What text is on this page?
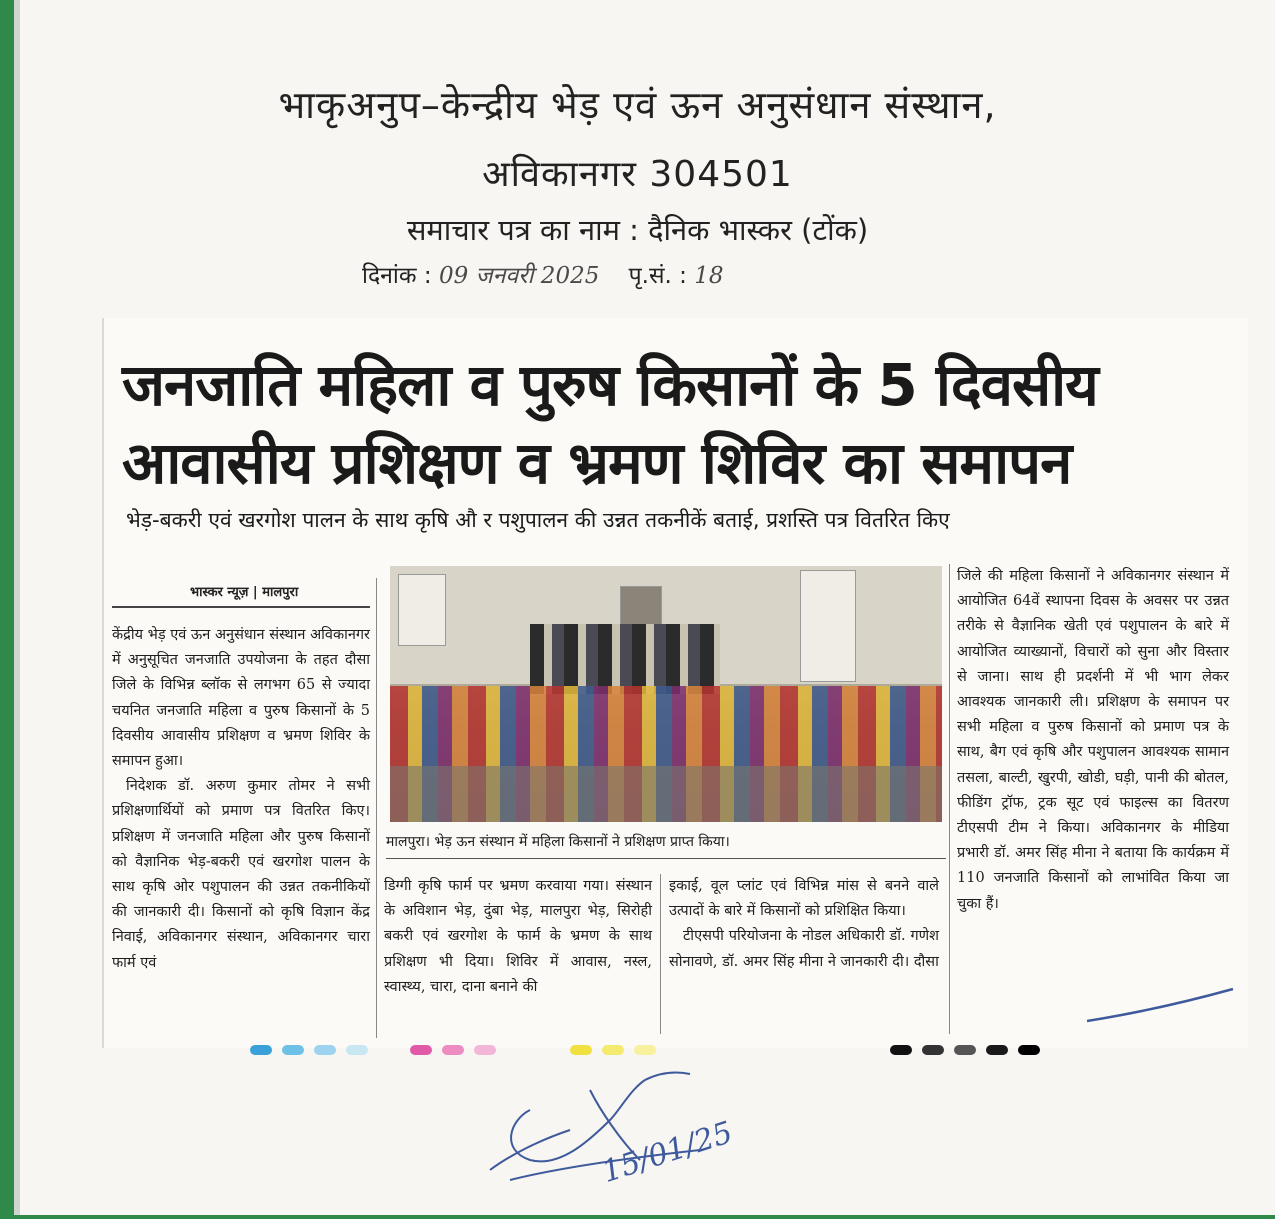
भाकृअनुप–केन्द्रीय भेड़ एवं ऊन अनुसंधान संस्थान,
अविकानगर 304501
समाचार पत्र का नाम : दैनिक भास्कर (टोंक)
दिनांक : 09 जनवरी 2025 पृ.सं. : 18
जनजाति महिला व पुरुष किसानों के 5 दिवसीय
आवासीय प्रशिक्षण व भ्रमण शिविर का समापन
भेड़-बकरी एवं खरगोश पालन के साथ कृषि औ र पशुपालन की उन्नत तकनीकें बताई, प्रशस्ति पत्र वितरित किए
भास्कर न्यूज़ | मालपुरा

केंद्रीय भेड़ एवं ऊन अनुसंधान संस्थान अविकानगर में अनुसूचित जनजाति उपयोजना के तहत दौसा जिले के विभिन्न ब्लॉक से लगभग 65 से ज्यादा चयनित जनजाति महिला व पुरुष किसानों के 5 दिवसीय आवासीय प्रशिक्षण व भ्रमण शिविर के समापन हुआ।

निदेशक डॉ. अरुण कुमार तोमर ने सभी प्रशिक्षणार्थियों को प्रमाण पत्र वितरित किए। प्रशिक्षण में जनजाति महिला और पुरुष किसानों को वैज्ञानिक भेड़-बकरी एवं खरगोश पालन के साथ कृषि ओर पशुपालन की उन्नत तकनीकियों की जानकारी दी। किसानों को कृषि विज्ञान केंद्र निवाई, अविकानगर संस्थान, अविकानगर चारा फार्म एवं

मालपुरा। भेड़ ऊन संस्थान में महिला किसानों ने प्रशिक्षण प्राप्त किया।

डिग्गी कृषि फार्म पर भ्रमण करवाया गया। संस्थान के अविशान भेड़, दुंबा भेड़, मालपुरा भेड़, सिरोही बकरी एवं खरगोश के फार्म के भ्रमण के साथ प्रशिक्षण भी दिया। शिविर में आवास, नस्ल, स्वास्थ्य, चारा, दाना बनाने की

इकाई, वूल प्लांट एवं विभिन्न मांस से बनने वाले उत्पादों के बारे में किसानों को प्रशिक्षित किया।

टीएसपी परियोजना के नोडल अधिकारी डॉ. गणेश सोनावणे, डॉ. अमर सिंह मीना ने जानकारी दी। दौसा

जिले की महिला किसानों ने अविकानगर संस्थान में आयोजित 64वें स्थापना दिवस के अवसर पर उन्नत तरीके से वैज्ञानिक खेती एवं पशुपालन के बारे में आयोजित व्याख्यानों, विचारों को सुना और विस्तार से जाना। साथ ही प्रदर्शनी में भी भाग लेकर आवश्यक जानकारी ली। प्रशिक्षण के समापन पर सभी महिला व पुरुष किसानों को प्रमाण पत्र के साथ, बैग एवं कृषि और पशुपालन आवश्यक सामान तसला, बाल्टी, खुरपी, खोडी, घड़ी, पानी की बोतल, फीडिंग ट्रॉफ, ट्रक सूट एवं फाइल्स का वितरण टीएसपी टीम ने किया। अविकानगर के मीडिया प्रभारी डॉ. अमर सिंह मीना ने बताया कि कार्यक्रम में 110 जनजाति किसानों को लाभांवित किया जा चुका हैं।

15/01/25
